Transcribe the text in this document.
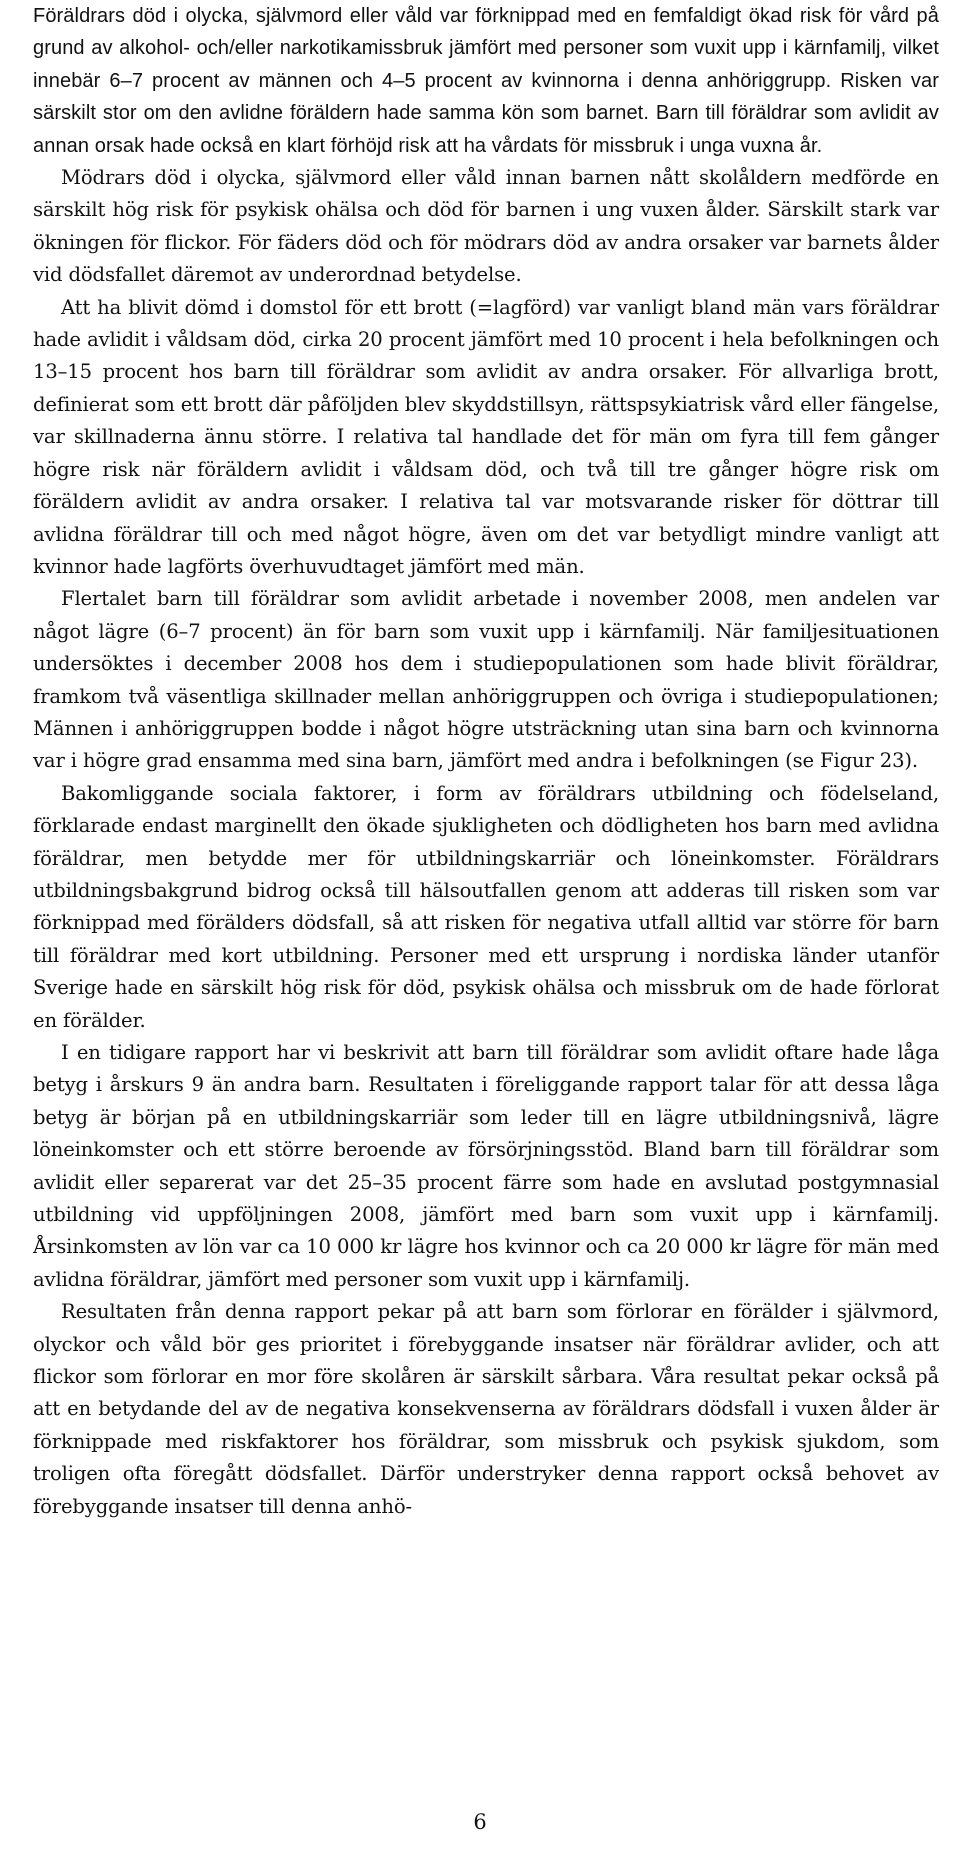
Föräldrars död i olycka, självmord eller våld var förknippad med en femfaldigt ökad risk för vård på grund av alkohol- och/eller narkotikamissbruk jämfört med personer som vuxit upp i kärnfamilj, vilket innebär 6–7 procent av männen och 4–5 procent av kvinnorna i denna anhöriggrupp. Risken var särskilt stor om den avlidne föräldern hade samma kön som barnet. Barn till föräldrar som avlidit av annan orsak hade också en klart förhöjd risk att ha vårdats för missbruk i unga vuxna år.

Mödrars död i olycka, självmord eller våld innan barnen nått skolåldern medförde en särskilt hög risk för psykisk ohälsa och död för barnen i ung vuxen ålder. Särskilt stark var ökningen för flickor. För fäders död och för mödrars död av andra orsaker var barnets ålder vid dödsfallet däremot av underordnad betydelse.

Att ha blivit dömd i domstol för ett brott (=lagförd) var vanligt bland män vars föräldrar hade avlidit i våldsam död, cirka 20 procent jämfört med 10 procent i hela befolkningen och 13–15 procent hos barn till föräldrar som avlidit av andra orsaker. För allvarliga brott, definierat som ett brott där påföljden blev skyddstillsyn, rättspsykiatrisk vård eller fängelse, var skillnaderna ännu större. I relativa tal handlade det för män om fyra till fem gånger högre risk när föräldern avlidit i våldsam död, och två till tre gånger högre risk om föräldern avlidit av andra orsaker. I relativa tal var motsvarande risker för döttrar till avlidna föräldrar till och med något högre, även om det var betydligt mindre vanligt att kvinnor hade lagförts överhuvudtaget jämfört med män.

Flertalet barn till föräldrar som avlidit arbetade i november 2008, men andelen var något lägre (6–7 procent) än för barn som vuxit upp i kärnfamilj. När familjesituationen undersöktes i december 2008 hos dem i studiepopulationen som hade blivit föräldrar, framkom två väsentliga skillnader mellan anhöriggruppen och övriga i studiepopulationen; Männen i anhöriggruppen bodde i något högre utsträckning utan sina barn och kvinnorna var i högre grad ensamma med sina barn, jämfört med andra i befolkningen (se Figur 23).

Bakomliggande sociala faktorer, i form av föräldrars utbildning och födelseland, förklarade endast marginellt den ökade sjukligheten och dödligheten hos barn med avlidna föräldrar, men betydde mer för utbildningskarriär och löneinkomster. Föräldrars utbildningsbakgrund bidrog också till hälsoutfallen genom att adderas till risken som var förknippad med förälders dödsfall, så att risken för negativa utfall alltid var större för barn till föräldrar med kort utbildning. Personer med ett ursprung i nordiska länder utanför Sverige hade en särskilt hög risk för död, psykisk ohälsa och missbruk om de hade förlorat en förälder.

I en tidigare rapport har vi beskrivit att barn till föräldrar som avlidit oftare hade låga betyg i årskurs 9 än andra barn. Resultaten i föreliggande rapport talar för att dessa låga betyg är början på en utbildningskarriär som leder till en lägre utbildningsnivå, lägre löneinkomster och ett större beroende av försörjningsstöd. Bland barn till föräldrar som avlidit eller separerat var det 25–35 procent färre som hade en avslutad postgymnasial utbildning vid uppföljningen 2008, jämfört med barn som vuxit upp i kärnfamilj. Årsinkomsten av lön var ca 10 000 kr lägre hos kvinnor och ca 20 000 kr lägre för män med avlidna föräldrar, jämfört med personer som vuxit upp i kärnfamilj.

Resultaten från denna rapport pekar på att barn som förlorar en förälder i självmord, olyckor och våld bör ges prioritet i förebyggande insatser när föräldrar avlider, och att flickor som förlorar en mor före skolåren är särskilt sårbara. Våra resultat pekar också på att en betydande del av de negativa konsekvenserna av föräldrars dödsfall i vuxen ålder är förknippade med riskfaktorer hos föräldrar, som missbruk och psykisk sjukdom, som troligen ofta föregått dödsfallet. Därför understryker denna rapport också behovet av förebyggande insatser till denna anhö-

6
